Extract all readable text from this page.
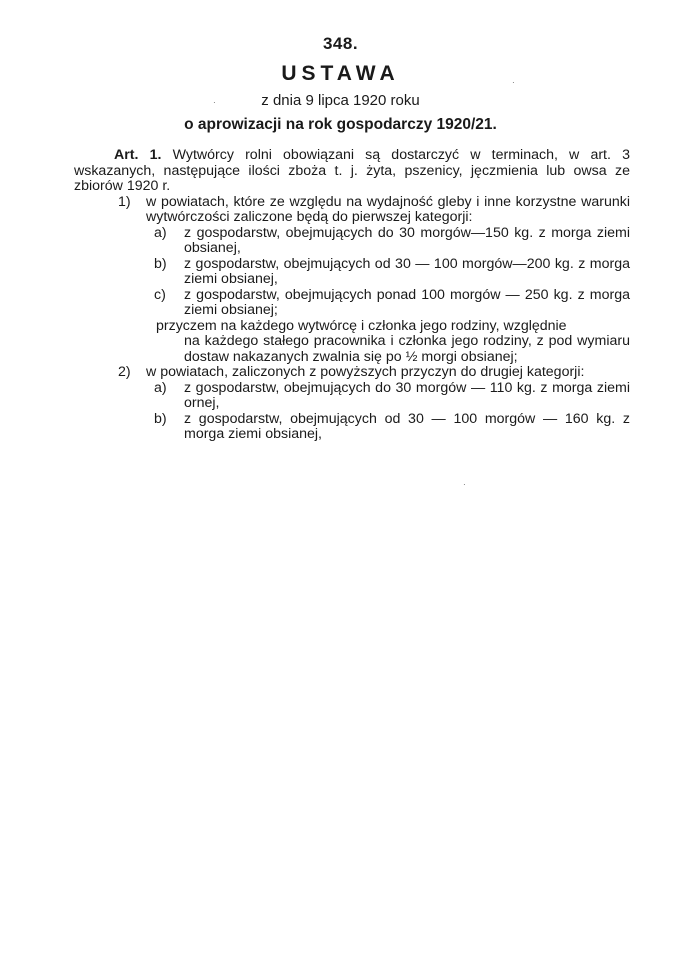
348.
USTAWA
z dnia 9 lipca 1920 roku
o aprowizacji na rok gospodarczy 1920/21.

Art. 1. Wytwórcy rolni obowiązani są dostarczyć w terminach, w art. 3 wskazanych, następujące ilości zboża t. j. żyta, pszenicy, jęczmienia lub owsa ze zbiorów 1920 r.

1) w powiatach, które ze względu na wydajność gleby i inne korzystne warunki wytwórczości zaliczone będą do pierwszej kategorji:

a) z gospodarstw, obejmujących do 30 morgów—150 kg. z morga ziemi obsianej,

b) z gospodarstw, obejmujących od 30 — 100 morgów—200 kg. z morga ziemi obsianej,

c) z gospodarstw, obejmujących ponad 100 morgów — 250 kg. z morga ziemi obsianej;

przyczem na każdego wytwórcę i członka jego rodziny, względnie
na każdego stałego pracownika i członka jego rodziny, z pod wymiaru dostaw nakazanych zwalnia się po ½ morgi obsianej;

2) w powiatach, zaliczonych z powyższych przyczyn do drugiej kategorji:

a) z gospodarstw, obejmujących do 30 morgów — 110 kg. z morga ziemi ornej,

b) z gospodarstw, obejmujących od 30 — 100 morgów — 160 kg. z morga ziemi obsianej,

·
·
·
